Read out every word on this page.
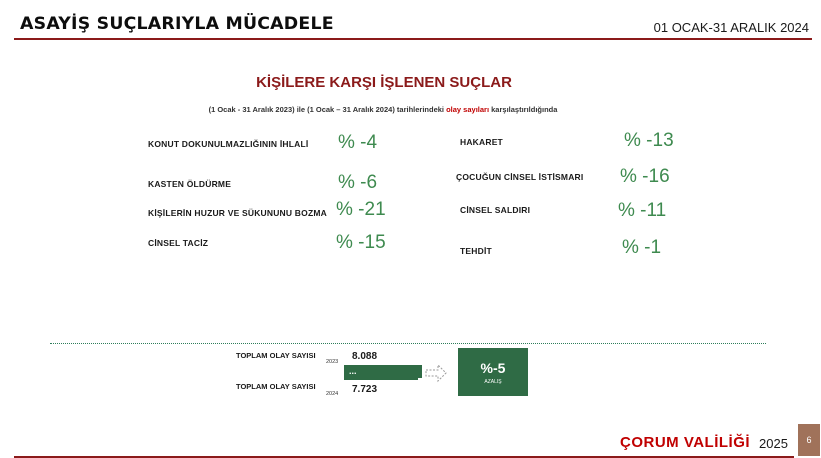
ASAYİŞ SUÇLARIYLA MÜCADELE	01 OCAK-31 ARALIK 2024
KİŞİLERE KARŞI İŞLENEN SUÇLAR
(1 Ocak - 31 Aralık 2023) ile (1 Ocak – 31 Aralık 2024) tarihlerindeki olay sayıları karşılaştırıldığında
KONUT DOKUNULMAZLIĞININ İHLALİ % -4
KASTEN ÖLDÜRME	% -6
KİŞİLERİN HUZUR VE SÜKUNUNU BOZMA % -21
CİNSEL TACİZ	% -15
HAKARET	% -13
ÇOCUĞUN CİNSEL İSTİSMARI % -16
CİNSEL SALDIRI	% -11
TEHDİT	% -1
TOPLAM OLAY SAYISI
2023 8.088
...
TOPLAM OLAY SAYISI
2024 7.723
%-5
AZALIŞ
ÇORUM VALİLİĞİ 2025	6
